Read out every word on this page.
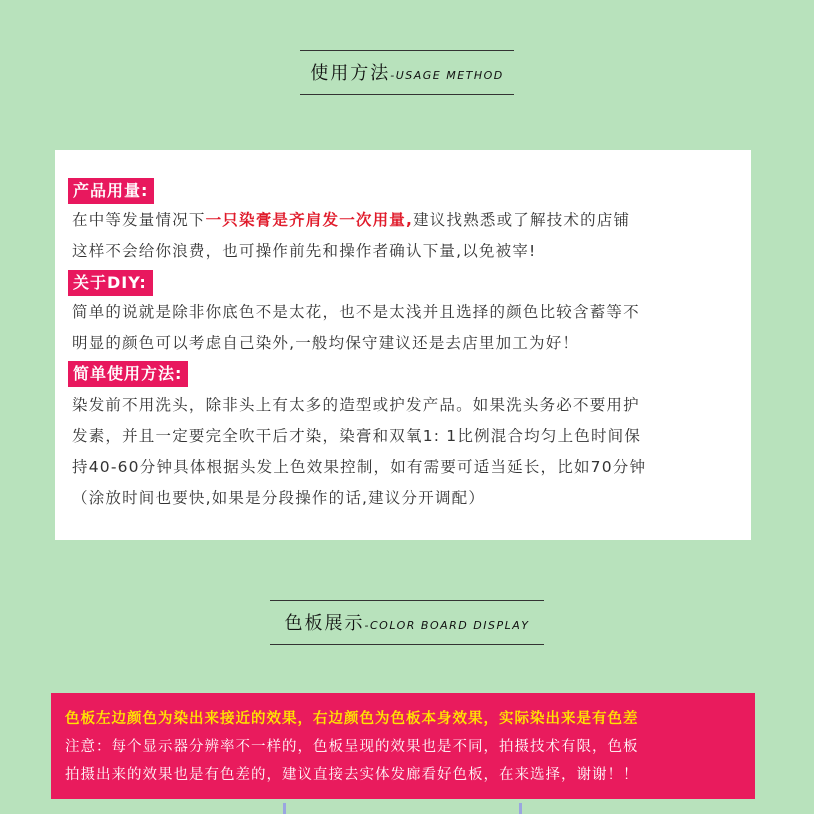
使用方法-USAGE METHOD
产品用量:
在中等发量情况下一只染膏是齐肩发一次用量,建议找熟悉或了解技术的店铺
这样不会给你浪费，也可操作前先和操作者确认下量,以免被宰!
关于DIY:
简单的说就是除非你底色不是太花，也不是太浅并且选择的颜色比较含蓄等不
明显的颜色可以考虑自己染外,一般均保守建议还是去店里加工为好！
简单使用方法:
染发前不用洗头，除非头上有太多的造型或护发产品。如果洗头务必不要用护
发素，并且一定要完全吹干后才染，染膏和双氧1: 1比例混合均匀上色时间保
持40-60分钟具体根据头发上色效果控制，如有需要可适当延长，比如70分钟
（涂放时间也要快,如果是分段操作的话,建议分开调配）
色板展示-COLOR BOARD DISPLAY
色板左边颜色为染出来接近的效果，右边颜色为色板本身效果，实际染出来是有色差
注意：每个显示器分辨率不一样的，色板呈现的效果也是不同，拍摄技术有限，色板
拍摄出来的效果也是有色差的，建议直接去实体发廊看好色板，在来选择，谢谢！！
